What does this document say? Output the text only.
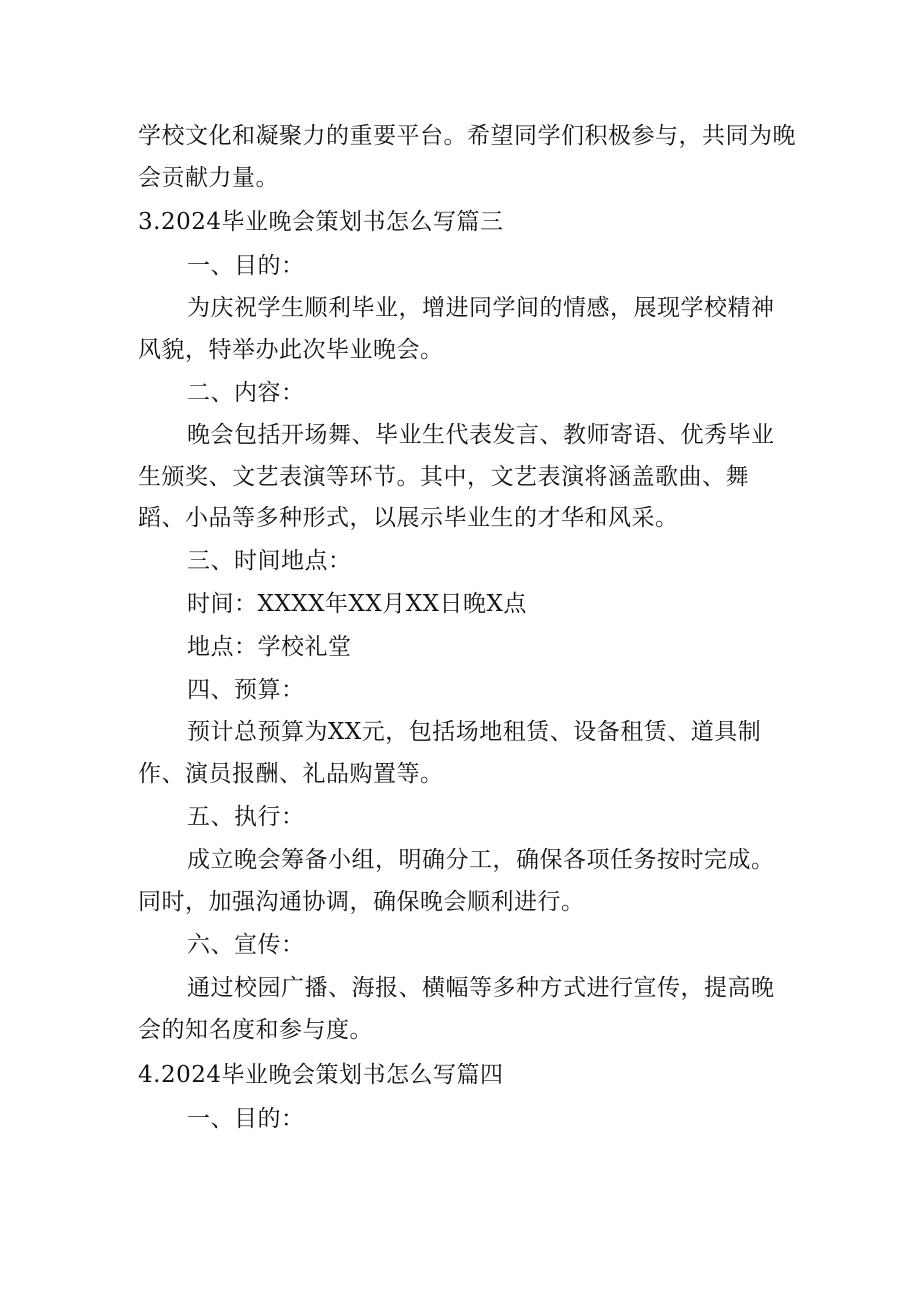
学校文化和凝聚力的重要平台。希望同学们积极参与，共同为晚
会贡献力量。
3.2024毕业晚会策划书怎么写篇三
一、目的：
为庆祝学生顺利毕业，增进同学间的情感，展现学校精神
风貌，特举办此次毕业晚会。
二、内容：
晚会包括开场舞、毕业生代表发言、教师寄语、优秀毕业
生颁奖、文艺表演等环节。其中，文艺表演将涵盖歌曲、舞
蹈、小品等多种形式，以展示毕业生的才华和风采。
三、时间地点：
时间：XXXX年XX月XX日晚X点
地点：学校礼堂
四、预算：
预计总预算为XX元，包括场地租赁、设备租赁、道具制
作、演员报酬、礼品购置等。
五、执行：
成立晚会筹备小组，明确分工，确保各项任务按时完成。
同时，加强沟通协调，确保晚会顺利进行。
六、宣传：
通过校园广播、海报、横幅等多种方式进行宣传，提高晚
会的知名度和参与度。
4.2024毕业晚会策划书怎么写篇四
一、目的：
